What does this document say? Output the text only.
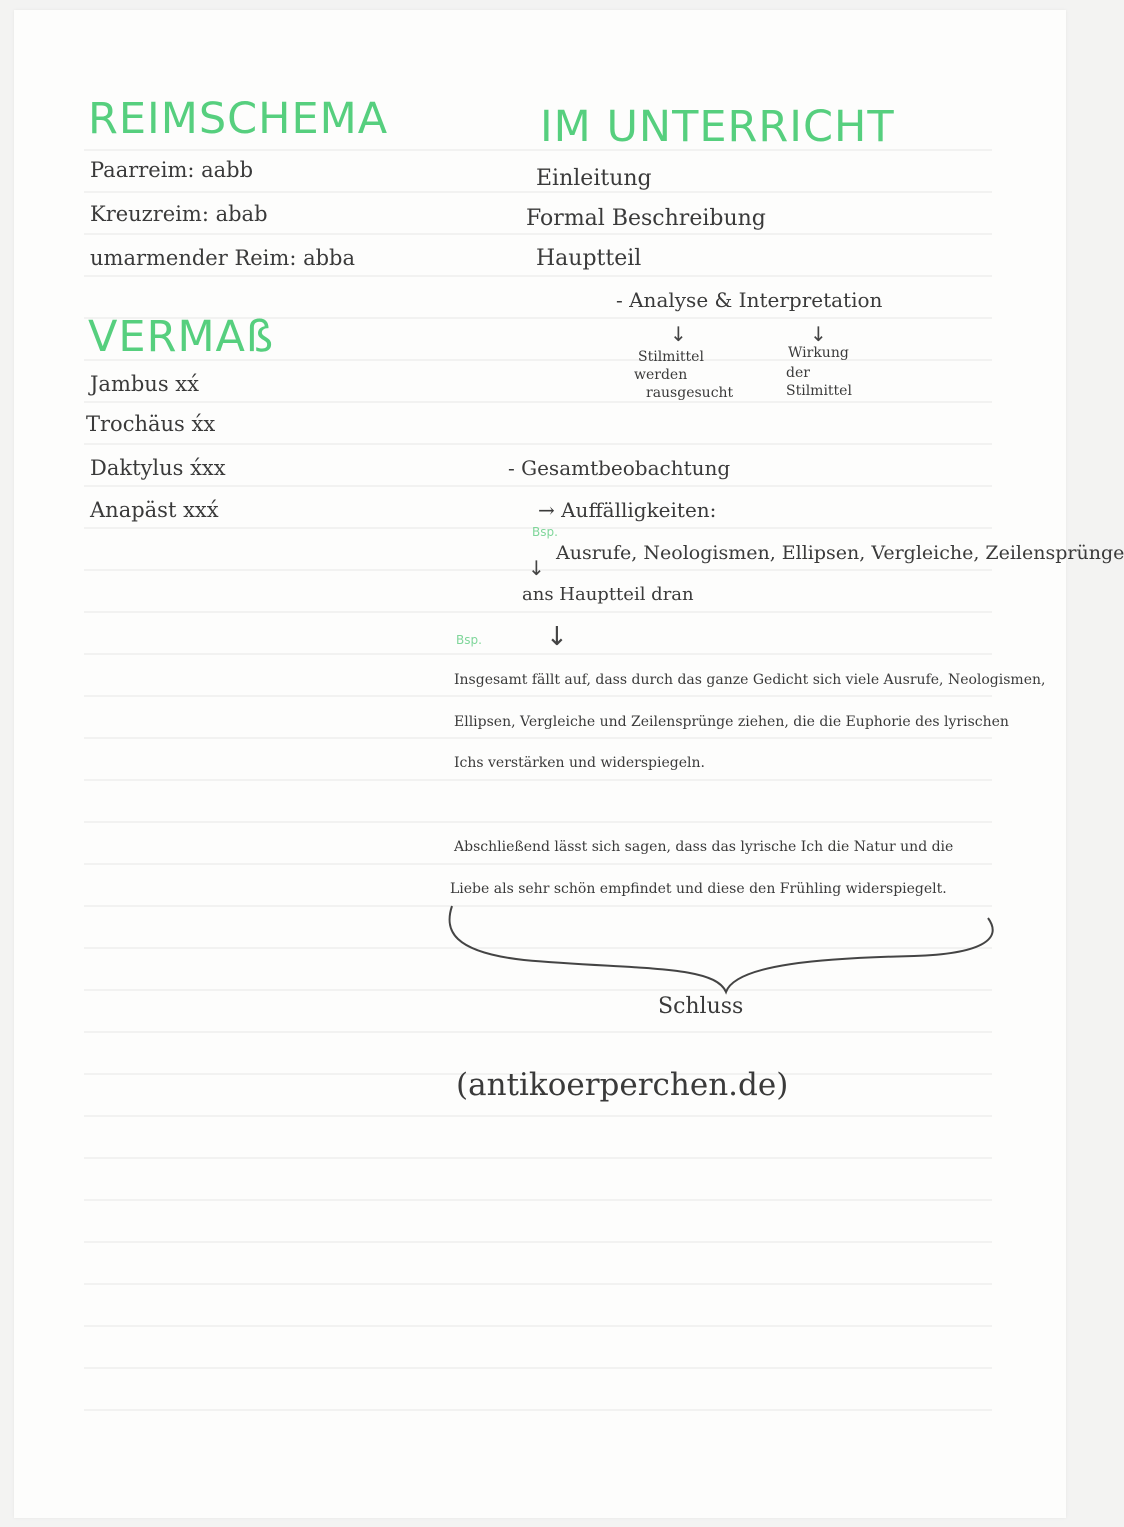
REIMSCHEMA
Paarreim: aabb
Kreuzreim: abab
umarmender Reim: abba
VERMAß
Jambus xx́
Trochäus x́x
Daktylus x́xx
Anapäst xxx́
IM UNTERRICHT
Einleitung
Formal Beschreibung
Hauptteil
- Analyse & Interpretation
↓	↓
Stilmittel
werden
rausgesucht
Wirkung
der
Stilmittel
- Gesamtbeobachtung
→ Auffälligkeiten:
Bsp.
Ausrufe, Neologismen, Ellipsen, Vergleiche, Zeilensprünge
↓
ans Hauptteil dran
Bsp. ↓
Insgesamt fällt auf, dass durch das ganze Gedicht sich viele Ausrufe, Neologismen,
Ellipsen, Vergleiche und Zeilensprünge ziehen, die die Euphorie des lyrischen
Ichs verstärken und widerspiegeln.
Abschließend lässt sich sagen, dass das lyrische Ich die Natur und die
Liebe als sehr schön empfindet und diese den Frühling widerspiegelt.
Schluss
(antikoerperchen.de)
